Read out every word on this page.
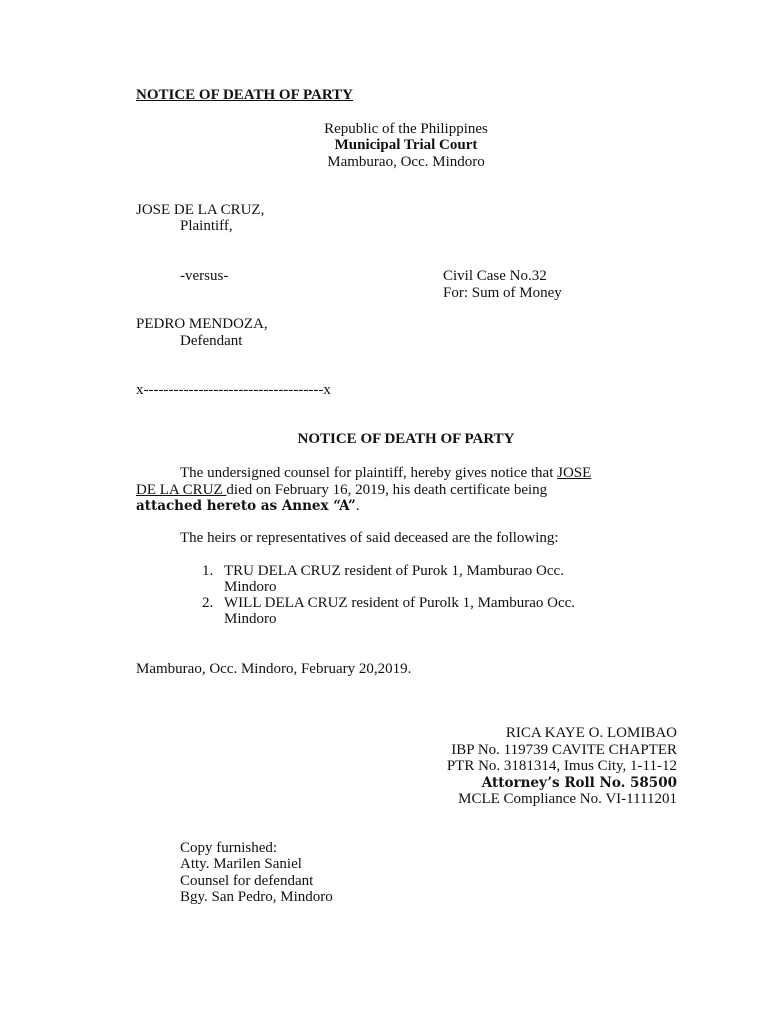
NOTICE OF DEATH OF PARTY
Republic of the Philippines
Municipal Trial Court
Mamburao, Occ. Mindoro
JOSE DE LA CRUZ,
Plaintiff,
-versus-	Civil Case No.32
For: Sum of Money
PEDRO MENDOZA,
Defendant
x------------------------------------x
NOTICE OF DEATH OF PARTY
The undersigned counsel for plaintiff, hereby gives notice that JOSE
DE LA CRUZ died on February 16, 2019, his death certificate being
attached hereto as Annex “A”.
The heirs or representatives of said deceased are the following:
1. TRU DELA CRUZ resident of Purok 1, Mamburao Occ.
Mindoro
2. WILL DELA CRUZ resident of Purolk 1, Mamburao Occ.
Mindoro
Mamburao, Occ. Mindoro, February 20,2019.
RICA KAYE O. LOMIBAO
IBP No. 119739 CAVITE CHAPTER
PTR No. 3181314, Imus City, 1-11-12
Attorney’s Roll No. 58500
MCLE Compliance No. VI-1111201
Copy furnished:
Atty. Marilen Saniel
Counsel for defendant
Bgy. San Pedro, Mindoro
